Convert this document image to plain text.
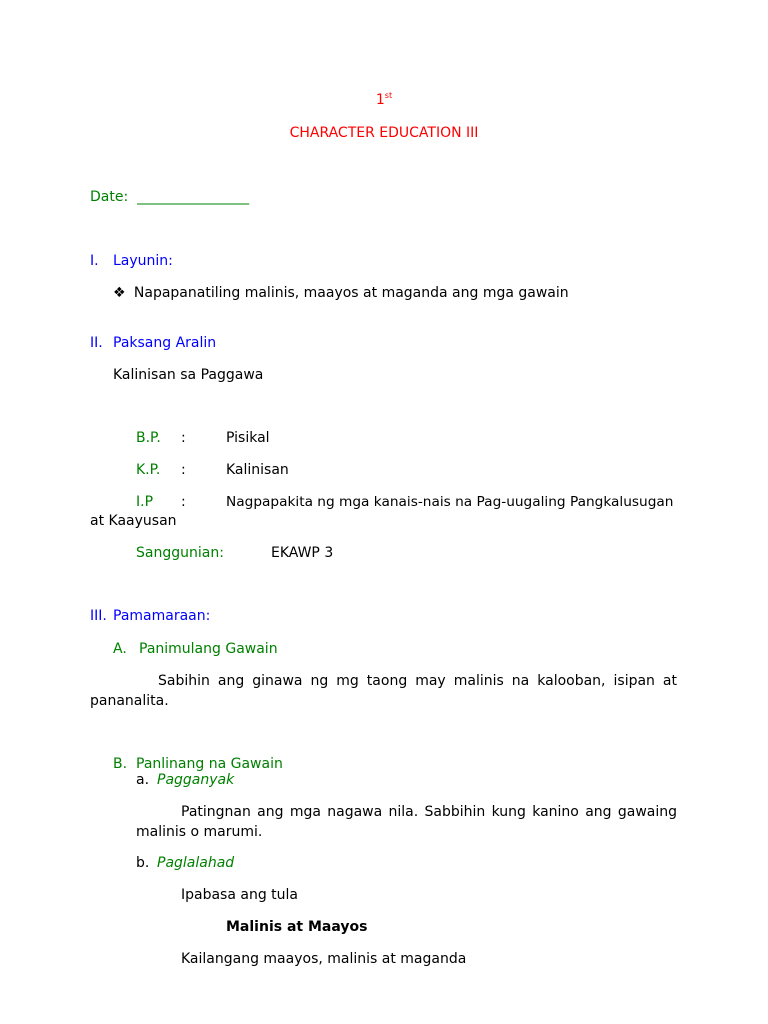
1st
CHARACTER EDUCATION III
Date: ________________
I. Layunin:
❖ Napapanatiling malinis, maayos at maganda ang mga gawain
II. Paksang Aralin
Kalinisan sa Paggawa
B.P. :	Pisikal
K.P. :	Kalinisan
I.P :	Nagpapakita ng mga kanais-nais na Pag-uugaling Pangkalusugan
at Kaayusan
Sanggunian:	EKAWP 3
III. Pamamaraan:
A. Panimulang Gawain
Sabihin ang ginawa ng mg taong may malinis na kalooban, isipan at pananalita.
B. Panlinang na Gawain
a. Pagganyak
Patingnan ang mga nagawa nila. Sabbihin kung kanino ang gawaing malinis o marumi.
b. Paglalahad
Ipabasa ang tula
Malinis at Maayos
Kailangang maayos, malinis at maganda
